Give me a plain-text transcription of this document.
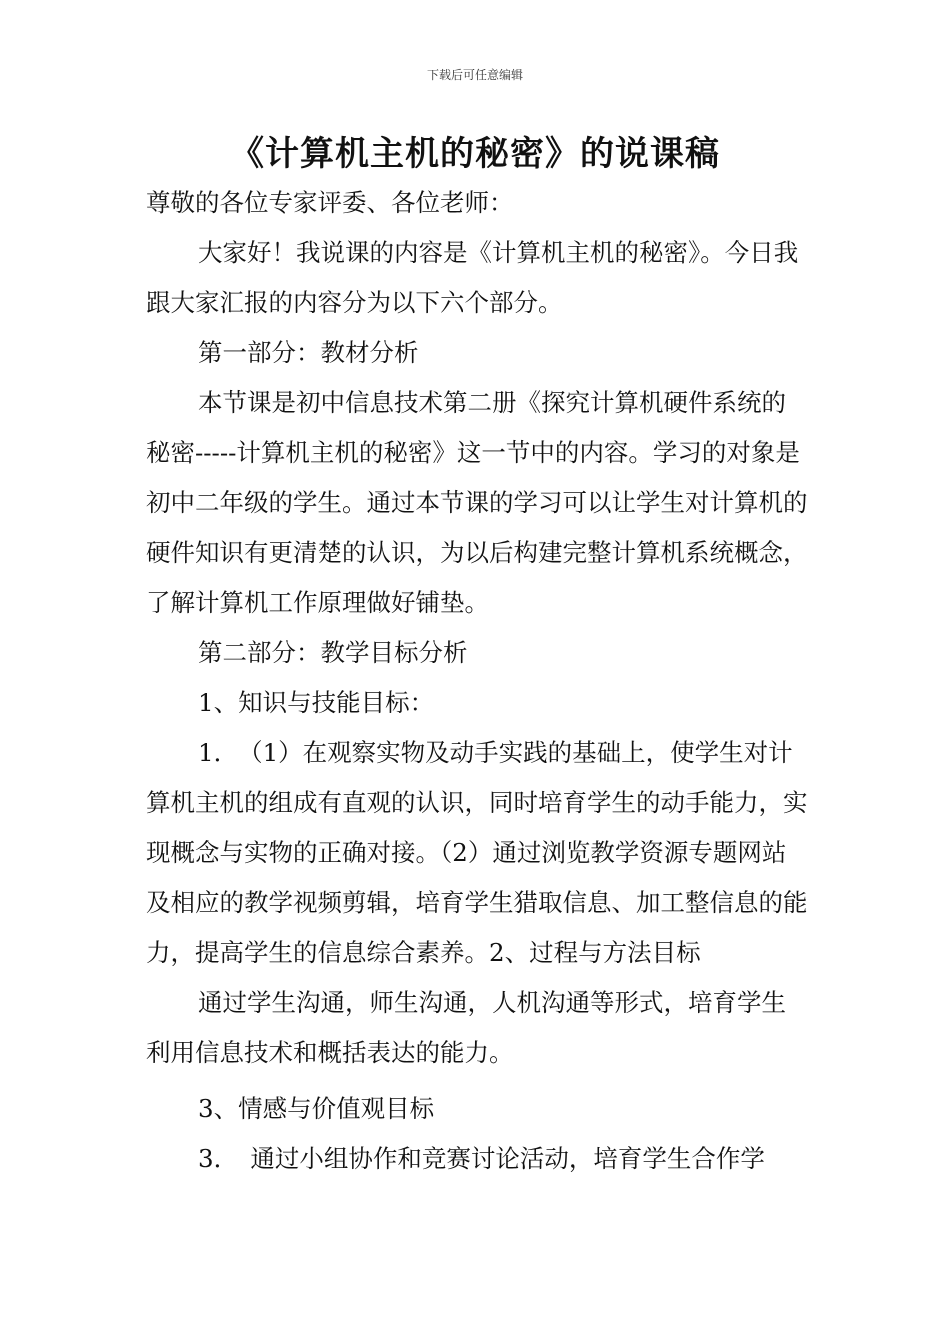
下载后可任意编辑
《计算机主机的秘密》的说课稿

尊敬的各位专家评委、各位老师：

大家好！我说课的内容是《计算机主机的秘密》。今日我跟大家汇报的内容分为以下六个部分。

第一部分：教材分析

本节课是初中信息技术第二册《探究计算机硬件系统的秘密-----计算机主机的秘密》这一节中的内容。学习的对象是初中二年级的学生。通过本节课的学习可以让学生对计算机的硬件知识有更清楚的认识，为以后构建完整计算机系统概念，了解计算机工作原理做好铺垫。

第二部分：教学目标分析

1、知识与技能目标：

1．　（1）在观察实物及动手实践的基础上，使学生对计算机主机的组成有直观的认识，同时培育学生的动手能力，实现概念与实物的正确对接。（2）通过浏览教学资源专题网站及相应的教学视频剪辑，培育学生猎取信息、加工整信息的能力，提高学生的信息综合素养。2、过程与方法目标

通过学生沟通，师生沟通，人机沟通等形式，培育学生利用信息技术和概括表达的能力。

3、情感与价值观目标

3．　通过小组协作和竞赛讨论活动，培育学生合作学
